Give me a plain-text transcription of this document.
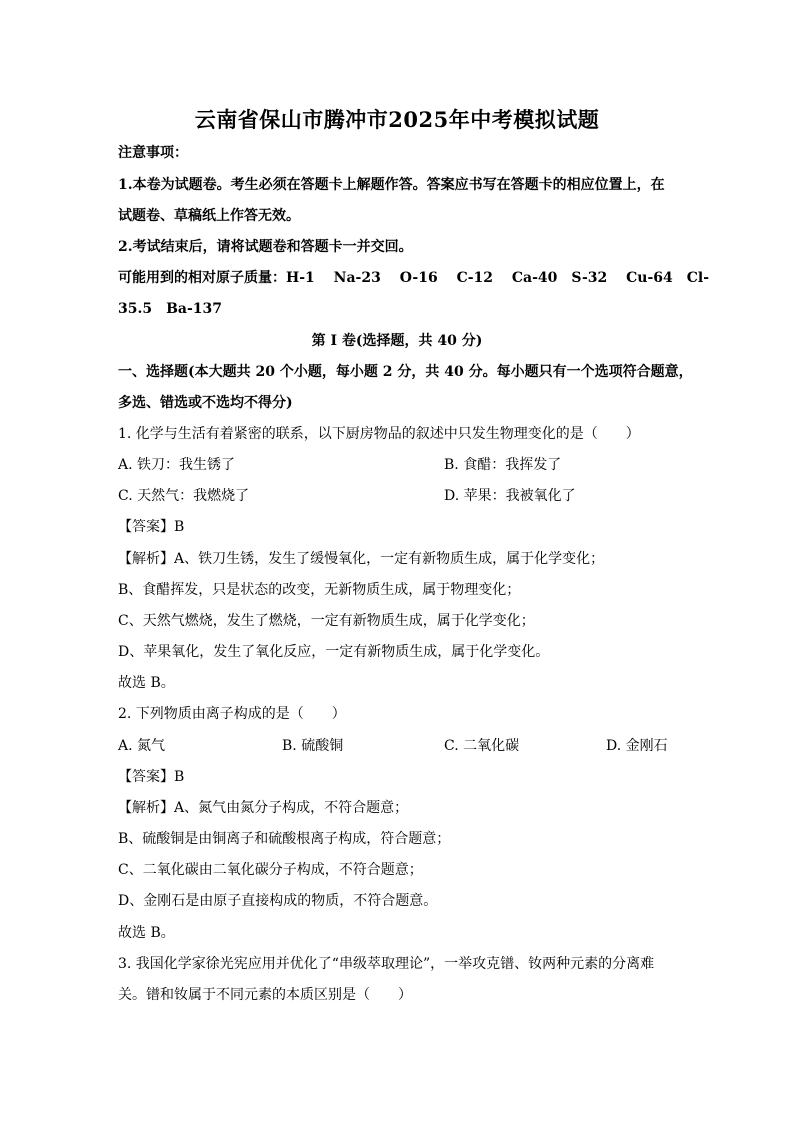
云南省保山市腾冲市2025年中考模拟试题
注意事项：
1.本卷为试题卷。考生必须在答题卡上解题作答。答案应书写在答题卡的相应位置上，在
试题卷、草稿纸上作答无效。
2.考试结束后，请将试题卷和答题卡一并交回。
可能用到的相对原子质量：H-1　 Na-23　 O-16　 C-12　 Ca-40　S-32　 Cu-64　Cl-
35.5　Ba-137
第 I 卷(选择题，共 40 分)
一、选择题(本大题共 20 个小题，每小题 2 分，共 40 分。每小题只有一个选项符合题意，
多选、错选或不选均不得分)
1. 化学与生活有着紧密的联系，以下厨房物品的叙述中只发生物理变化的是（　　）
A. 铁刀：我生锈了	B. 食醋：我挥发了
C. 天然气：我燃烧了	D. 苹果：我被氧化了
【答案】B
【解析】A、铁刀生锈，发生了缓慢氧化，一定有新物质生成，属于化学变化；
B、食醋挥发，只是状态的改变，无新物质生成，属于物理变化；
C、天然气燃烧，发生了燃烧，一定有新物质生成，属于化学变化；
D、苹果氧化，发生了氧化反应，一定有新物质生成，属于化学变化。
故选 B。
2. 下列物质由离子构成的是（　　）
A. 氮气	B. 硫酸铜	C. 二氧化碳	D. 金刚石
【答案】B
【解析】A、氮气由氮分子构成，不符合题意；
B、硫酸铜是由铜离子和硫酸根离子构成，符合题意；
C、二氧化碳由二氧化碳分子构成，不符合题意；
D、金刚石是由原子直接构成的物质，不符合题意。
故选 B。
3. 我国化学家徐光宪应用并优化了“串级萃取理论”，一举攻克镨、钕两种元素的分离难
关。镨和钕属于不同元素的本质区别是（　　）
